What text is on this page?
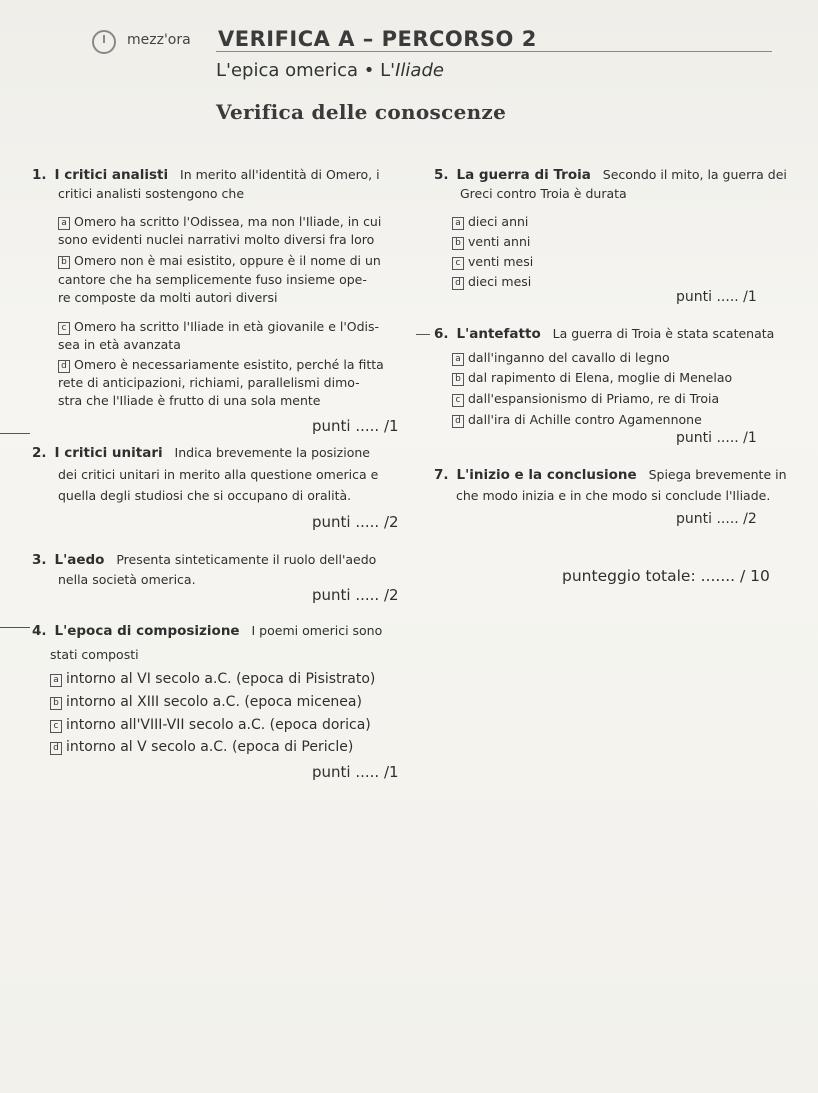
mezz'ora VERIFICA A – PERCORSO 2
L'epica omerica • L'Iliade
Verifica delle conoscenze
1. I critici analisti In merito all'identità di Omero, i
critici analisti sostengono che
a Omero ha scritto l'Odissea, ma non l'Iliade, in cui
sono evidenti nuclei narrativi molto diversi fra loro
b Omero non è mai esistito, oppure è il nome di un
cantore che ha semplicemente fuso insieme ope-
re composte da molti autori diversi
c Omero ha scritto l'Iliade in età giovanile e l'Odis-
sea in età avanzata
d Omero è necessariamente esistito, perché la fitta
rete di anticipazioni, richiami, parallelismi dimo-
stra che l'Iliade è frutto di una sola mente
punti ..... /1
2. I critici unitari Indica brevemente la posizione
dei critici unitari in merito alla questione omerica e
quella degli studiosi che si occupano di oralità.
punti ..... /2
3. L'aedo Presenta sinteticamente il ruolo dell'aedo
nella società omerica.
punti ..... /2
4. L'epoca di composizione I poemi omerici sono
stati composti
a intorno al VI secolo a.C. (epoca di Pisistrato)
b intorno al XIII secolo a.C. (epoca micenea)
c intorno all'VIII-VII secolo a.C. (epoca dorica)
d intorno al V secolo a.C. (epoca di Pericle)
punti ..... /1
5. La guerra di Troia Secondo il mito, la guerra dei
Greci contro Troia è durata
a dieci anni
b venti anni
c venti mesi
d dieci mesi
punti ..... /1
6. L'antefatto La guerra di Troia è stata scatenata
a dall'inganno del cavallo di legno
b dal rapimento di Elena, moglie di Menelao
c dall'espansionismo di Priamo, re di Troia
d dall'ira di Achille contro Agamennone
punti ..... /1
7. L'inizio e la conclusione Spiega brevemente in
che modo inizia e in che modo si conclude l'Iliade.
punti ..... /2
punteggio totale: ....... / 10
